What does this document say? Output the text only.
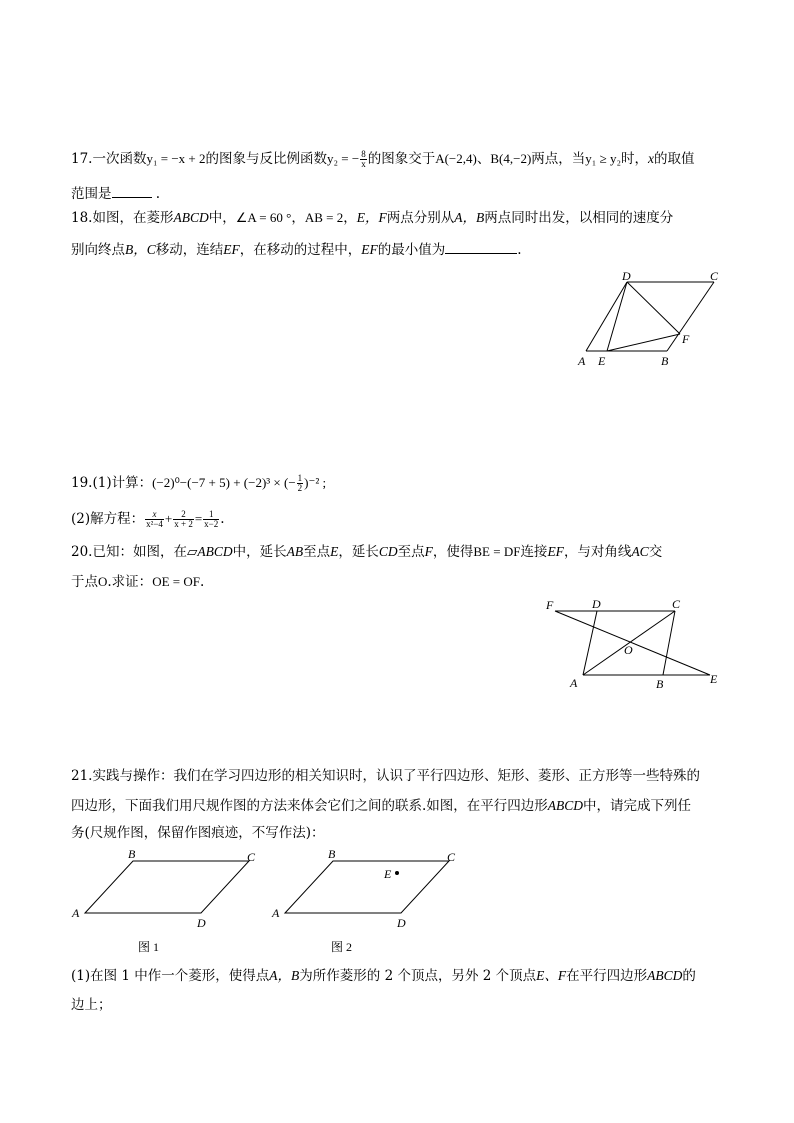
17.一次函数y₁ = −x + 2的图象与反比例函数y₂ = − $\frac{8}{x}$ 的图象交于A(−2,4)、B(4,−2)两点，当y₁ ≥ y₂时，x的取值
范围是	.
18.如图，在菱形ABCD中，∠A = 60 °，AB = 2，E，F两点分别从A，B两点同时出发，以相同的速度分
别向终点B，C移动，连结EF，在移动的过程中，EF的最小值为	.
A E	B
F
D	C
19.(1)计算：(−2)⁰−(−7 + 5) + (−2)³ × (− $\frac{1}{2} )^{-2}$ ;
(2)解方程： $\frac{x}{\text{x²−4}} + \frac{2}{x + 2} = \frac{1}{x-2}$ .
20.已知：如图，在▱ABCD中，延长AB至点E，延长CD至点F，使得BE = DF连接EF，与对角线AC交
于点O.求证：OE = OF.
F	D	C
O
A	B	E
21.实践与操作：我们在学习四边形的相关知识时，认识了平行四边形、矩形、菱形、正方形等一些特殊的
四边形，下面我们用尺规作图的方法来体会它们之间的联系.如图，在平行四边形ABCD中，请完成下列任
务(尺规作图，保留作图痕迹，不写作法)：
B	C
A
D
图 1
B	C
E
A
D
图 2
(1)在图 1 中作一个菱形，使得点A，B为所作菱形的 2 个顶点，另外 2 个顶点E、F在平行四边形ABCD的
边上；
